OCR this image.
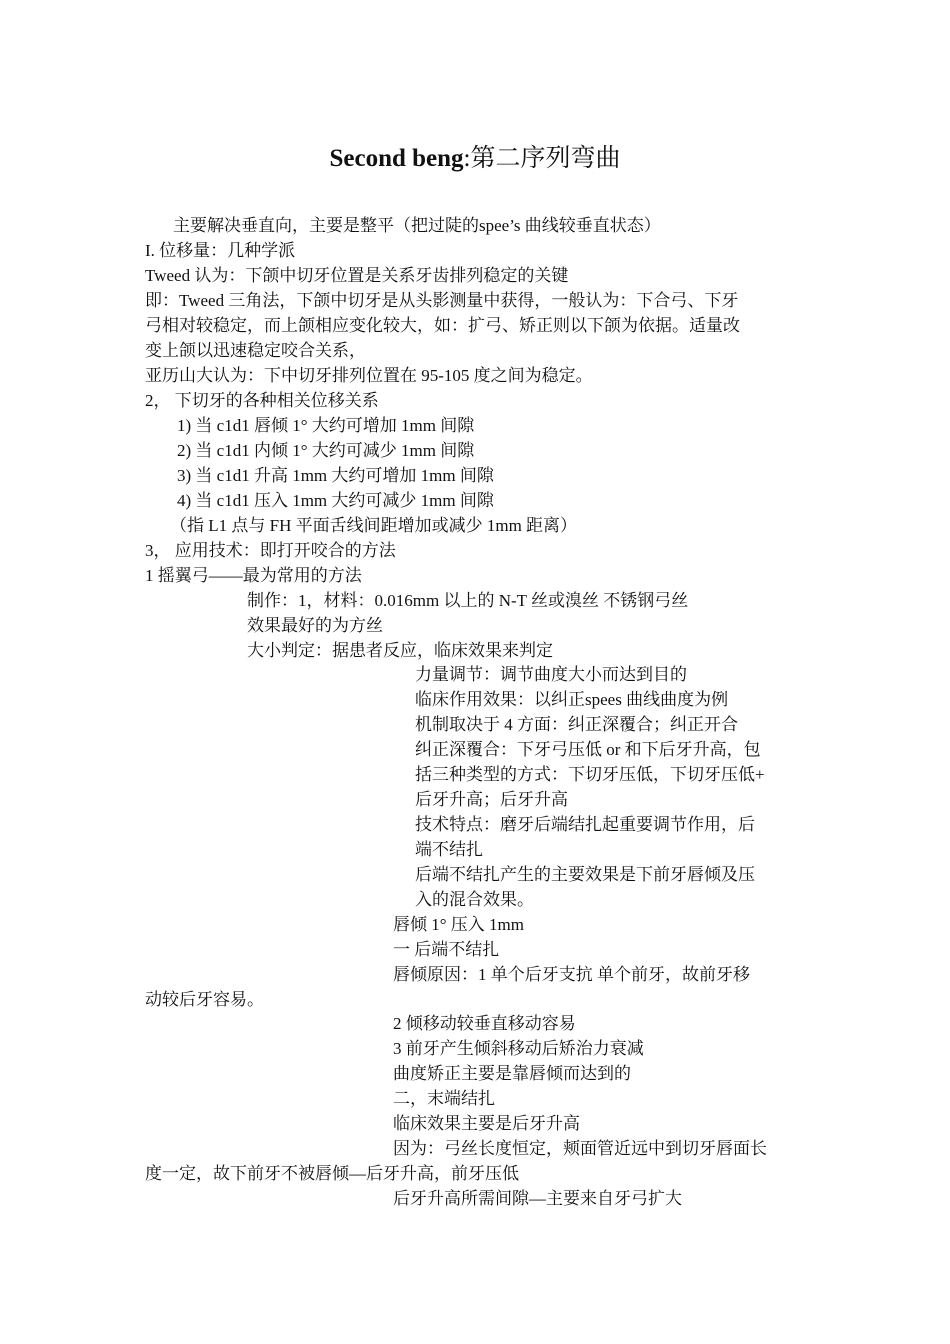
Second beng:第二序列弯曲
主要解决垂直向，主要是整平（把过陡的spee’s 曲线较垂直状态）
I. 位移量：几种学派
Tweed 认为：下颌中切牙位置是关系牙齿排列稳定的关键
即：Tweed 三角法，下颌中切牙是从头影测量中获得，一般认为：下合弓、下牙
弓相对较稳定，而上颌相应变化较大，如：扩弓、矫正则以下颌为依据。适量改
变上颌以迅速稳定咬合关系，
亚历山大认为：下中切牙排列位置在 95-105 度之间为稳定。
2， 下切牙的各种相关位移关系
1) 当 c1d1 唇倾 1° 大约可增加 1mm 间隙
2) 当 c1d1 内倾 1° 大约可减少 1mm 间隙
3) 当 c1d1 升高 1mm 大约可增加 1mm 间隙
4) 当 c1d1 压入 1mm 大约可减少 1mm 间隙
（指 L1 点与 FH 平面舌线间距增加或减少 1mm 距离）
3， 应用技术：即打开咬合的方法
1 摇翼弓——最为常用的方法
制作：1，材料：0.016mm 以上的 N-T 丝或溴丝 不锈钢弓丝
效果最好的为方丝
大小判定：据患者反应，临床效果来判定
力量调节：调节曲度大小而达到目的
临床作用效果：以纠正spees 曲线曲度为例
机制取决于 4 方面：纠正深覆合；纠正开合
纠正深覆合：下牙弓压低 or 和下后牙升高，包
括三种类型的方式：下切牙压低，下切牙压低+
后牙升高；后牙升高
技术特点：磨牙后端结扎起重要调节作用，后
端不结扎
后端不结扎产生的主要效果是下前牙唇倾及压
入的混合效果。
唇倾 1° 压入 1mm
一 后端不结扎
唇倾原因：1 单个后牙支抗 单个前牙，故前牙移
动较后牙容易。
2 倾移动较垂直移动容易
3 前牙产生倾斜移动后矫治力衰减
曲度矫正主要是靠唇倾而达到的
二，末端结扎
临床效果主要是后牙升高
因为：弓丝长度恒定，颊面管近远中到切牙唇面长
度一定，故下前牙不被唇倾—后牙升高，前牙压低
后牙升高所需间隙—主要来自牙弓扩大
